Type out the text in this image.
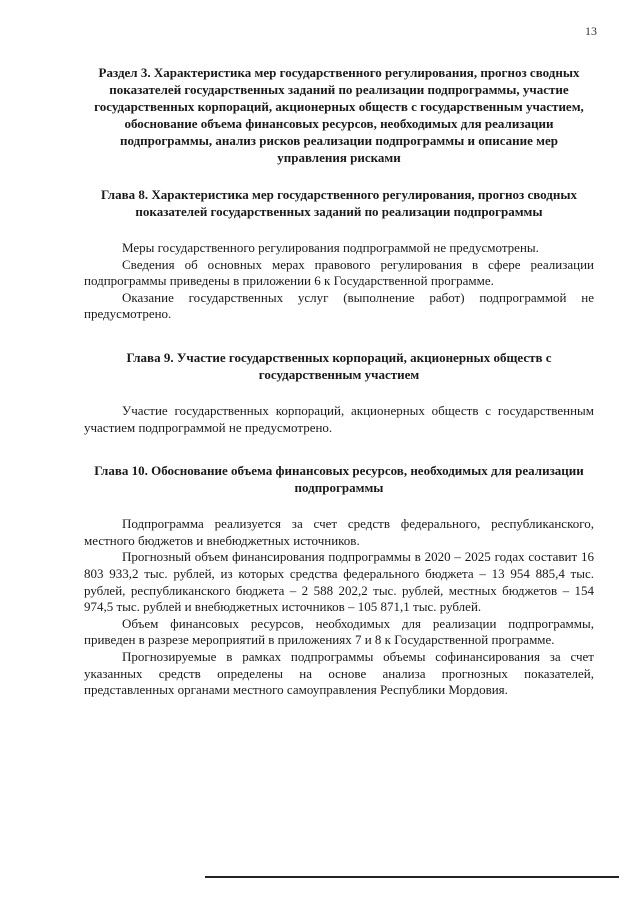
13
Раздел 3. Характеристика мер государственного регулирования, прогноз сводных показателей государственных заданий по реализации подпрограммы, участие государственных корпораций, акционерных обществ с государственным участием, обоснование объема финансовых ресурсов, необходимых для реализации подпрограммы, анализ рисков реализации подпрограммы и описание мер управления рисками
Глава 8. Характеристика мер государственного регулирования, прогноз сводных показателей государственных заданий по реализации подпрограммы

Меры государственного регулирования подпрограммой не предусмотрены.

Сведения об основных мерах правового регулирования в сфере реализации подпрограммы приведены в приложении 6 к Государственной программе.

Оказание государственных услуг (выполнение работ) подпрограммой не предусмотрено.

Глава 9. Участие государственных корпораций, акционерных обществ с государственным участием

Участие государственных корпораций, акционерных обществ с государственным участием подпрограммой не предусмотрено.

Глава 10. Обоснование объема финансовых ресурсов, необходимых для реализации подпрограммы

Подпрограмма реализуется за счет средств федерального, республиканского, местного бюджетов и внебюджетных источников.

Прогнозный объем финансирования подпрограммы в 2020 – 2025 годах составит 16 803 933,2 тыс. рублей, из которых средства федерального бюджета – 13 954 885,4 тыс. рублей, республиканского бюджета – 2 588 202,2 тыс. рублей, местных бюджетов – 154 974,5 тыс. рублей и внебюджетных источников – 105 871,1 тыс. рублей.

Объем финансовых ресурсов, необходимых для реализации подпрограммы, приведен в разрезе мероприятий в приложениях 7 и 8 к Государственной программе.

Прогнозируемые в рамках подпрограммы объемы софинансирования за счет указанных средств определены на основе анализа прогнозных показателей, представленных органами местного самоуправления Республики Мордовия.
